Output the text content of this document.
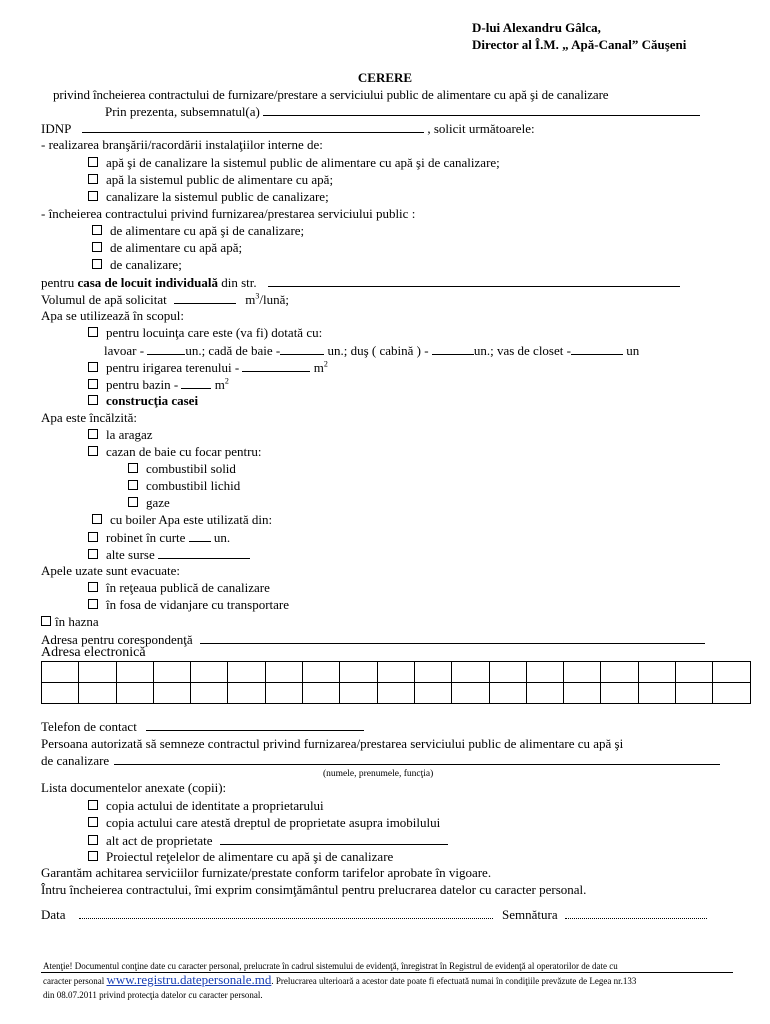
D-lui Alexandru Gâlca,
Director al Î.M. „ Apă-Canal” Căuşeni
CERERE
privind încheierea contractului de furnizare/prestare a serviciului public de alimentare cu apă şi de canalizare
Prin prezenta, subsemnatul(a)
IDNP	, solicit următoarele:
- realizarea branşării/racordării instalaţiilor interne de:
apă şi de canalizare la sistemul public de alimentare cu apă şi de canalizare;
apă la sistemul public de alimentare cu apă;
canalizare la sistemul public de canalizare;
- încheierea contractului privind furnizarea/prestarea serviciului public :
de alimentare cu apă şi de canalizare;
de alimentare cu apă apă;
de canalizare;
pentru casa de locuit individuală din str.
Volumul de apă solicitat	$m^3$/lună;
Apa se utilizează în scopul:
pentru locuinţa care este (va fi) dotată cu:
lavoar -	un.; cadă de baie -	un.; duş ( cabină ) -	un.; vas de closet -	un
pentru irigarea terenului -	$m^2$
pentru bazin -	$m^2$
construcţia casei
Apa este încălzită:
la aragaz
cazan de baie cu focar pentru:
combustibil solid
combustibil lichid
gaze
cu boiler Apa este utilizată din:
robinet în curte un.
alte surse
Apele uzate sunt evacuate:
în reţeaua publică de canalizare
în fosa de vidanjare cu transportare
în hazna
Adresa pentru corespondenţă
Adresa electronică

Telefon de contact
Persoana autorizată să semneze contractul privind furnizarea/prestarea serviciului public de alimentare cu apă şi
de canalizare
(numele, prenumele, funcţia)
Lista documentelor anexate (copii):
copia actului de identitate a proprietarului
copia actului care atestă dreptul de proprietate asupra imobilului
alt act de proprietate
Proiectul reţelelor de alimentare cu apă şi de canalizare
Garantăm achitarea serviciilor furnizate/prestate conform tarifelor aprobate în vigoare.
Întru încheierea contractului, îmi exprim consimţământul pentru prelucrarea datelor cu caracter personal.
Data	Semnătura
Atenţie! Documentul conţine date cu caracter personal, prelucrate în cadrul sistemului de evidenţă, înregistrat în Registrul de evidenţă al operatorilor de date cu
caracter personal www.registru.datepersonale.md. Prelucrarea ulterioară a acestor date poate fi efectuată numai în condiţiile prevăzute de Legea nr.133
din 08.07.2011 privind protecţia datelor cu caracter personal.
